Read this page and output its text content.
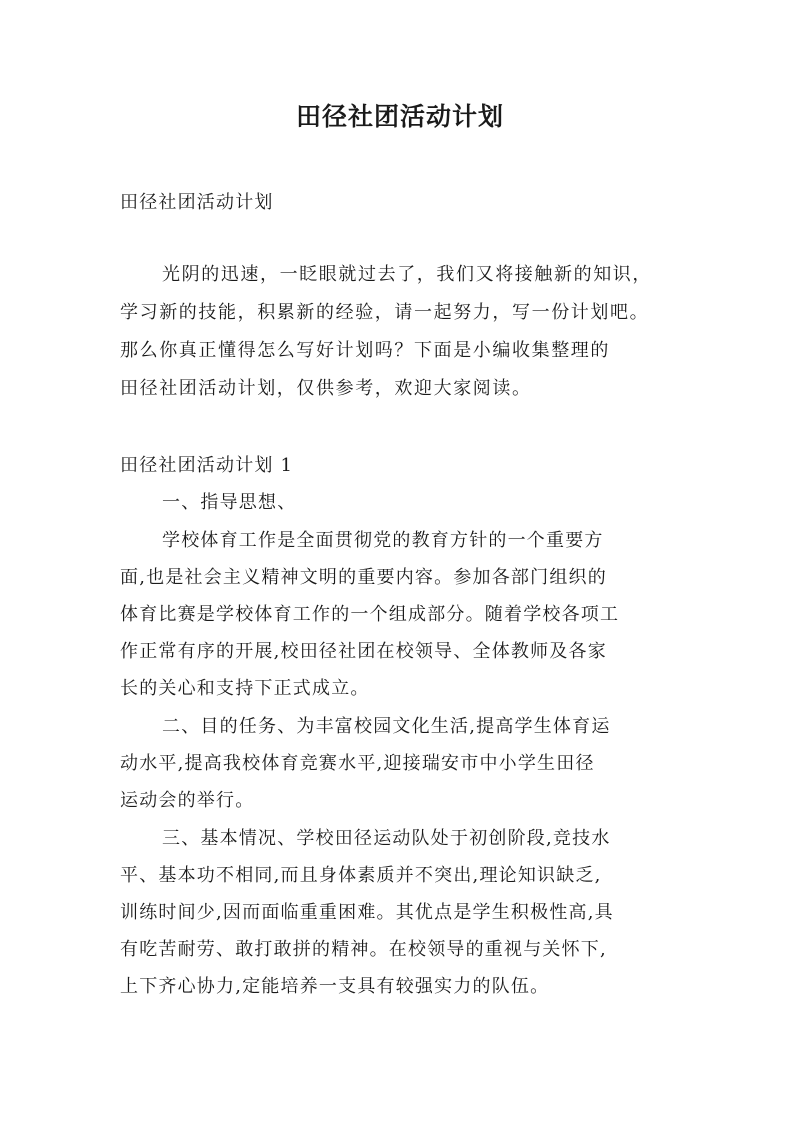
田径社团活动计划

田径社团活动计划

光阴的迅速，一眨眼就过去了，我们又将接触新的知识，

学习新的技能，积累新的经验，请一起努力，写一份计划吧。

那么你真正懂得怎么写好计划吗？下面是小编收集整理的

田径社团活动计划，仅供参考，欢迎大家阅读。

田径社团活动计划 1

一、指导思想、

学校体育工作是全面贯彻党的教育方针的一个重要方

面,也是社会主义精神文明的重要内容。参加各部门组织的

体育比赛是学校体育工作的一个组成部分。随着学校各项工

作正常有序的开展,校田径社团在校领导、全体教师及各家

长的关心和支持下正式成立。

二、目的任务、为丰富校园文化生活,提高学生体育运

动水平,提高我校体育竞赛水平,迎接瑞安市中小学生田径

运动会的举行。

三、基本情况、学校田径运动队处于初创阶段,竞技水

平、基本功不相同,而且身体素质并不突出,理论知识缺乏,

训练时间少,因而面临重重困难。其优点是学生积极性高,具

有吃苦耐劳、敢打敢拼的精神。在校领导的重视与关怀下,

上下齐心协力,定能培养一支具有较强实力的队伍。
